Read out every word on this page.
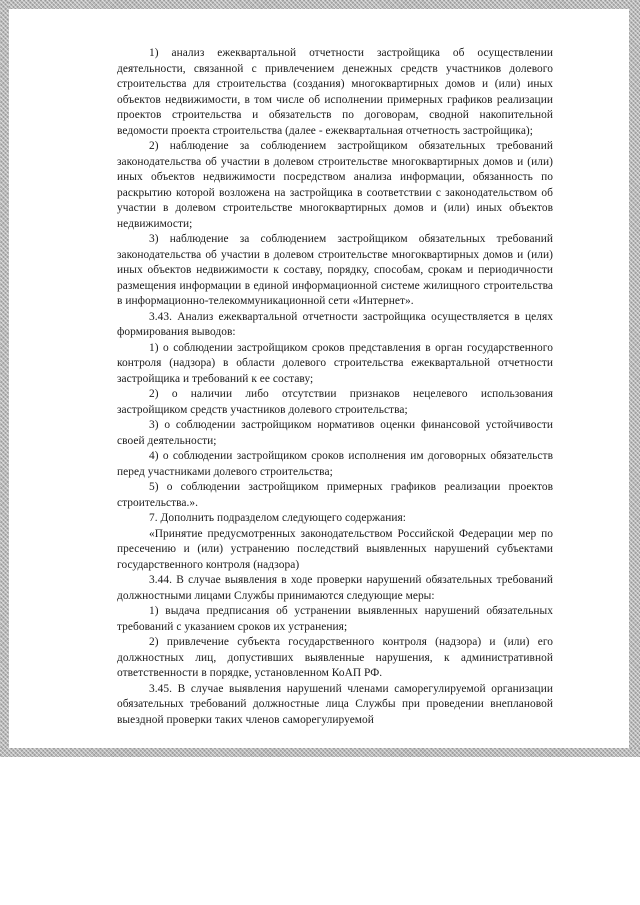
1) анализ ежеквартальной отчетности застройщика об осуществлении деятельности, связанной с привлечением денежных средств участников долевого строительства для строительства (создания) многоквартирных домов и (или) иных объектов недвижимости, в том числе об исполнении примерных графиков реализации проектов строительства и обязательств по договорам, сводной накопительной ведомости проекта строительства (далее - ежеквартальная отчетность застройщика);

2) наблюдение за соблюдением застройщиком обязательных требований законодательства об участии в долевом строительстве многоквартирных домов и (или) иных объектов недвижимости посредством анализа информации, обязанность по раскрытию которой возложена на застройщика в соответствии с законодательством об участии в долевом строительстве многоквартирных домов и (или) иных объектов недвижимости;

3) наблюдение за соблюдением застройщиком обязательных требований законодательства об участии в долевом строительстве многоквартирных домов и (или) иных объектов недвижимости к составу, порядку, способам, срокам и периодичности размещения информации в единой информационной системе жилищного строительства в информационно-телекоммуникационной сети «Интернет».

3.43. Анализ ежеквартальной отчетности застройщика осуществляется в целях формирования выводов:

1) о соблюдении застройщиком сроков представления в орган государственного контроля (надзора) в области долевого строительства ежеквартальной отчетности застройщика и требований к ее составу;

2) о наличии либо отсутствии признаков нецелевого использования застройщиком средств участников долевого строительства;

3) о соблюдении застройщиком нормативов оценки финансовой устойчивости своей деятельности;

4) о соблюдении застройщиком сроков исполнения им договорных обязательств перед участниками долевого строительства;

5) о соблюдении застройщиком примерных графиков реализации проектов строительства.».

7. Дополнить подразделом следующего содержания:

«Принятие предусмотренных законодательством Российской Федерации мер по пресечению и (или) устранению последствий выявленных нарушений субъектами государственного контроля (надзора)

3.44. В случае выявления в ходе проверки нарушений обязательных требований должностными лицами Службы принимаются следующие меры:

1) выдача предписания об устранении выявленных нарушений обязательных требований с указанием сроков их устранения;

2) привлечение субъекта государственного контроля (надзора) и (или) его должностных лиц, допустивших выявленные нарушения, к административной ответственности в порядке, установленном КоАП РФ.

3.45. В случае выявления нарушений членами саморегулируемой организации обязательных требований должностные лица Службы при проведении внеплановой выездной проверки таких членов саморегулируемой
